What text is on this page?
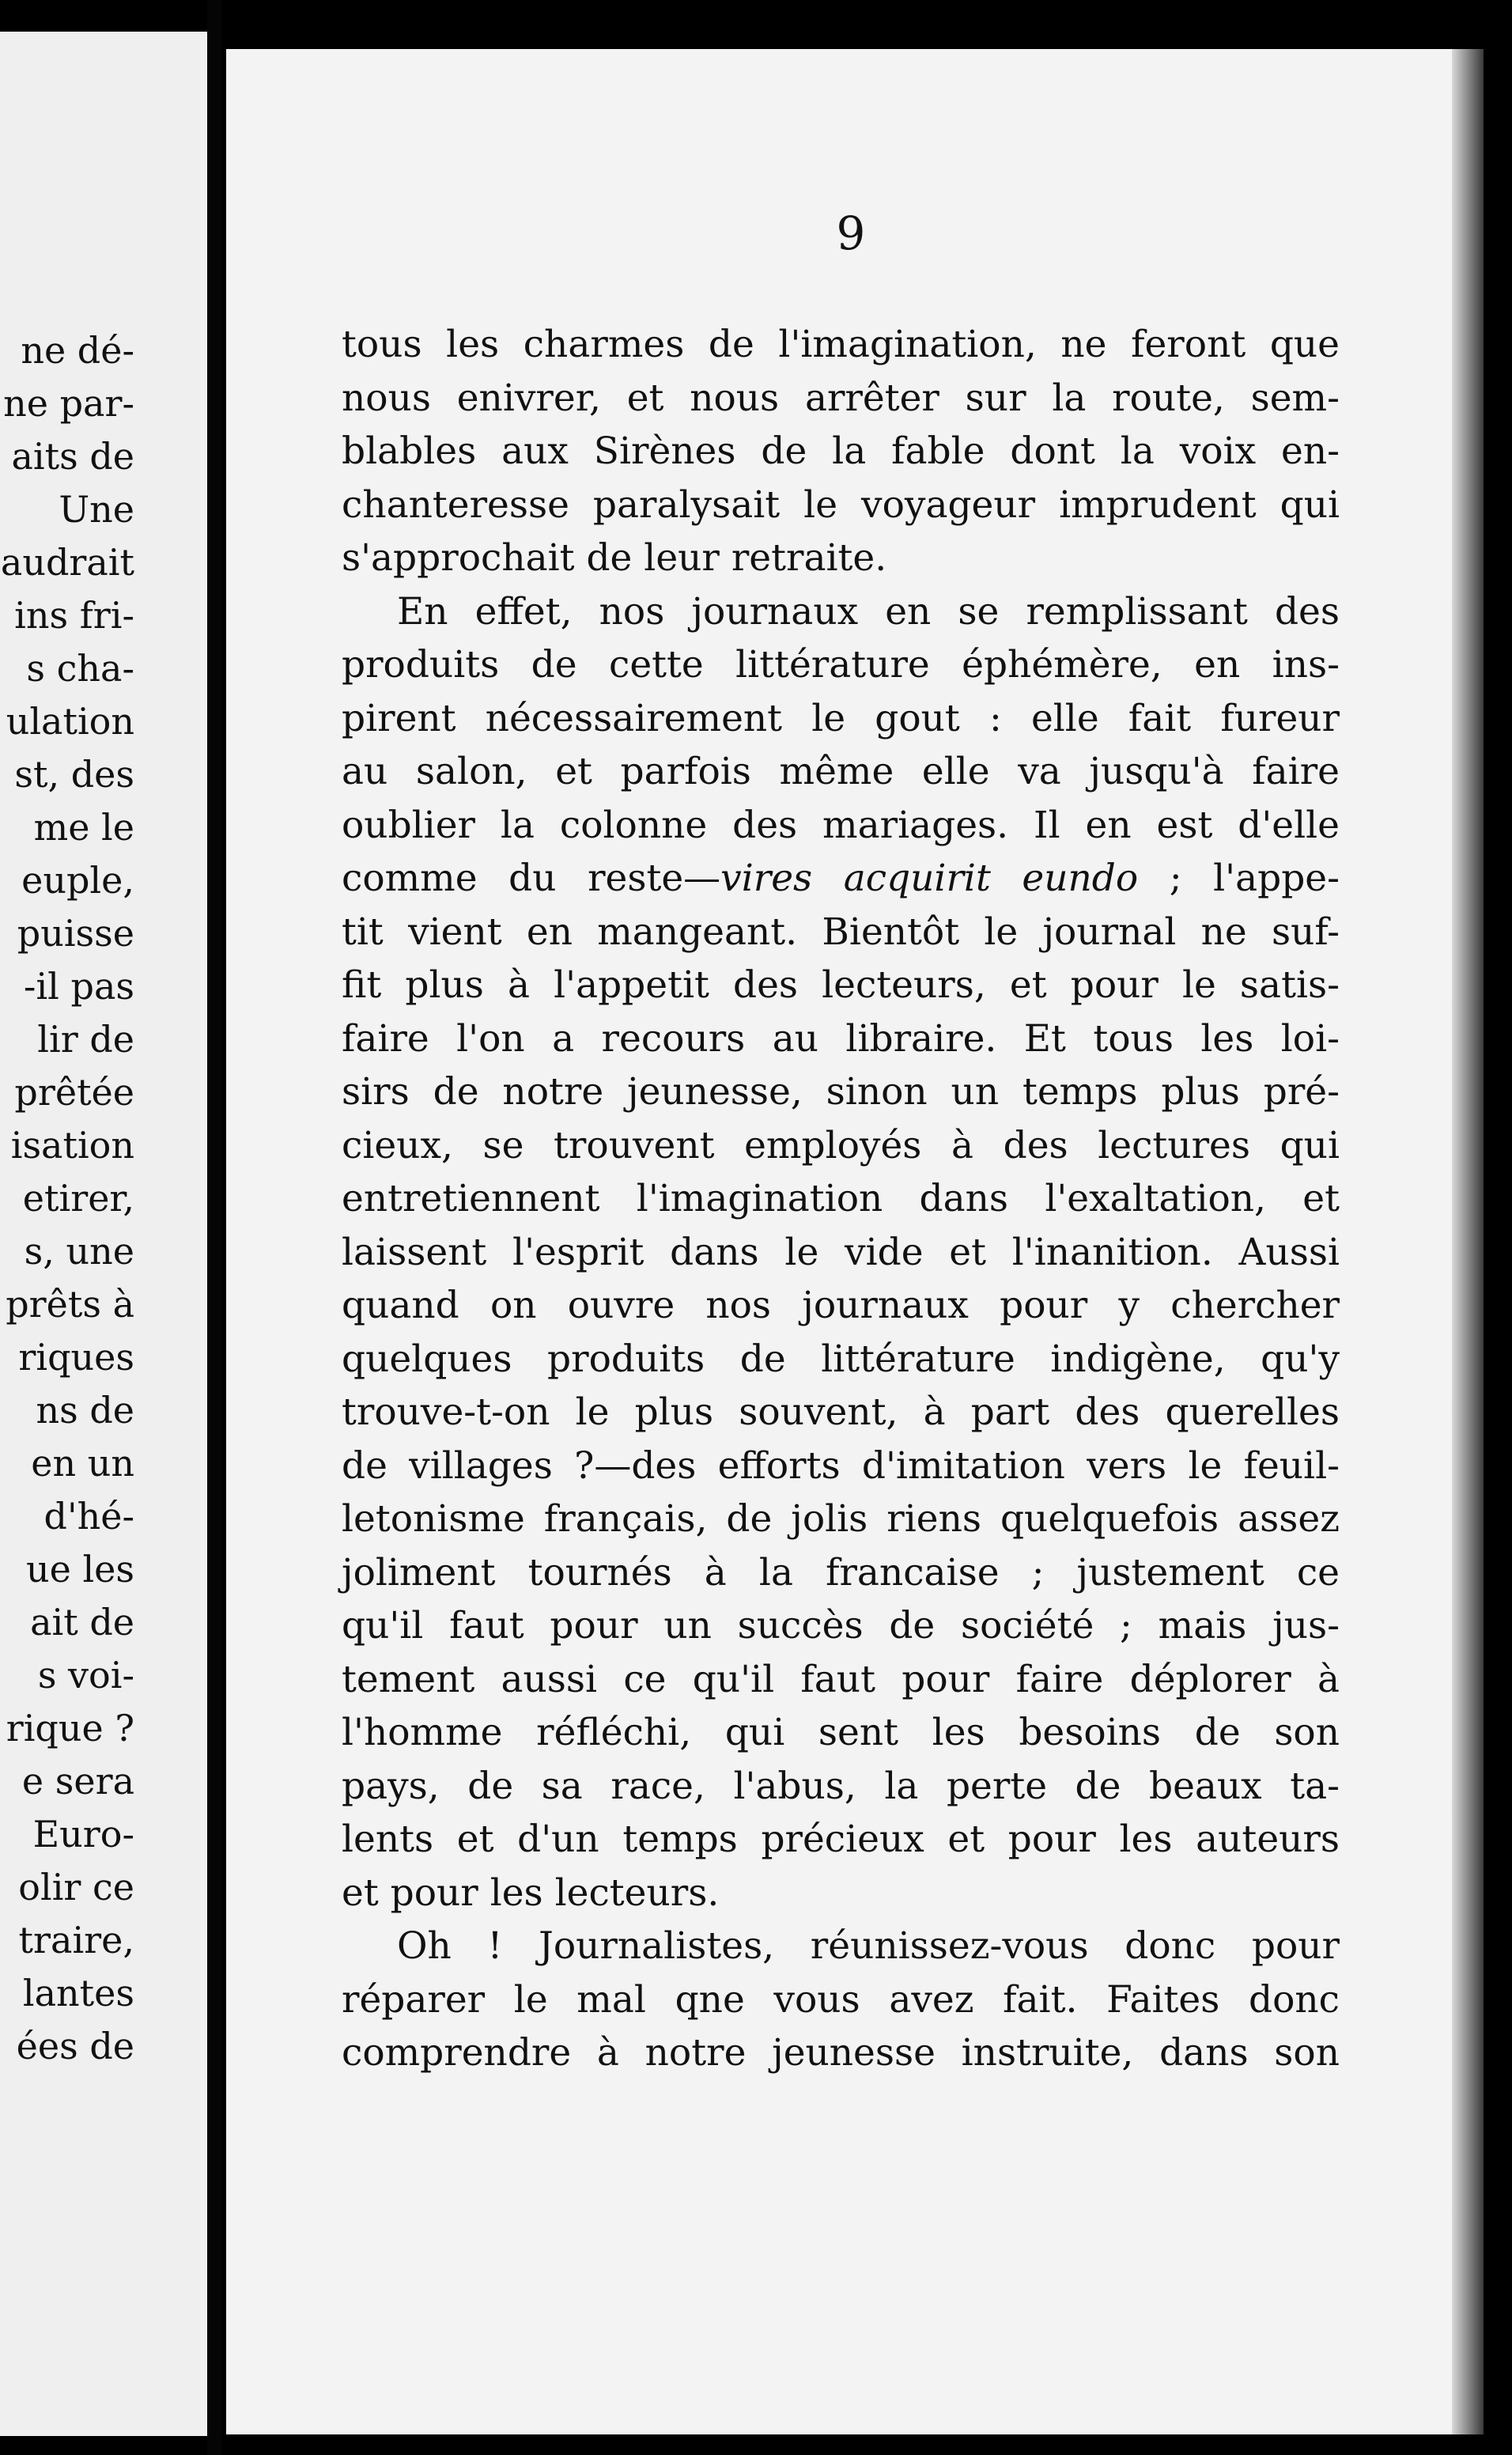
ne dé-
ne par-
aits de
Une
audrait
ins fri-
s cha-
ulation
st, des
me le
euple,
puisse
-il pas
lir de
prêtée
isation
etirer,
s, une
prêts à
riques
ns de
en un
d'hé-
ue les
ait de
s voi-
rique ?
e sera
Euro-
olir ce
traire,
lantes
ées de
9
tous les charmes de l'imagination, ne feront que
nous enivrer, et nous arrêter sur la route, sem-
blables aux Sirènes de la fable dont la voix en-
chanteresse paralysait le voyageur imprudent qui
s'approchait de leur retraite.
En effet, nos journaux en se remplissant des
produits de cette littérature éphémère, en ins-
pirent nécessairement le gout : elle fait fureur
au salon, et parfois même elle va jusqu'à faire
oublier la colonne des mariages. Il en est d'elle
comme du reste—vires acquirit eundo ; l'appe-
tit vient en mangeant. Bientôt le journal ne suf-
fit plus à l'appetit des lecteurs, et pour le satis-
faire l'on a recours au libraire. Et tous les loi-
sirs de notre jeunesse, sinon un temps plus pré-
cieux, se trouvent employés à des lectures qui
entretiennent l'imagination dans l'exaltation, et
laissent l'esprit dans le vide et l'inanition. Aussi
quand on ouvre nos journaux pour y chercher
quelques produits de littérature indigène, qu'y
trouve-t-on le plus souvent, à part des querelles
de villages ?—des efforts d'imitation vers le feuil-
letonisme français, de jolis riens quelquefois assez
joliment tournés à la francaise ; justement ce
qu'il faut pour un succès de société ; mais jus-
tement aussi ce qu'il faut pour faire déplorer à
l'homme réfléchi, qui sent les besoins de son
pays, de sa race, l'abus, la perte de beaux ta-
lents et d'un temps précieux et pour les auteurs
et pour les lecteurs.
Oh ! Journalistes, réunissez-vous donc pour
réparer le mal qne vous avez fait. Faites donc
comprendre à notre jeunesse instruite, dans son
